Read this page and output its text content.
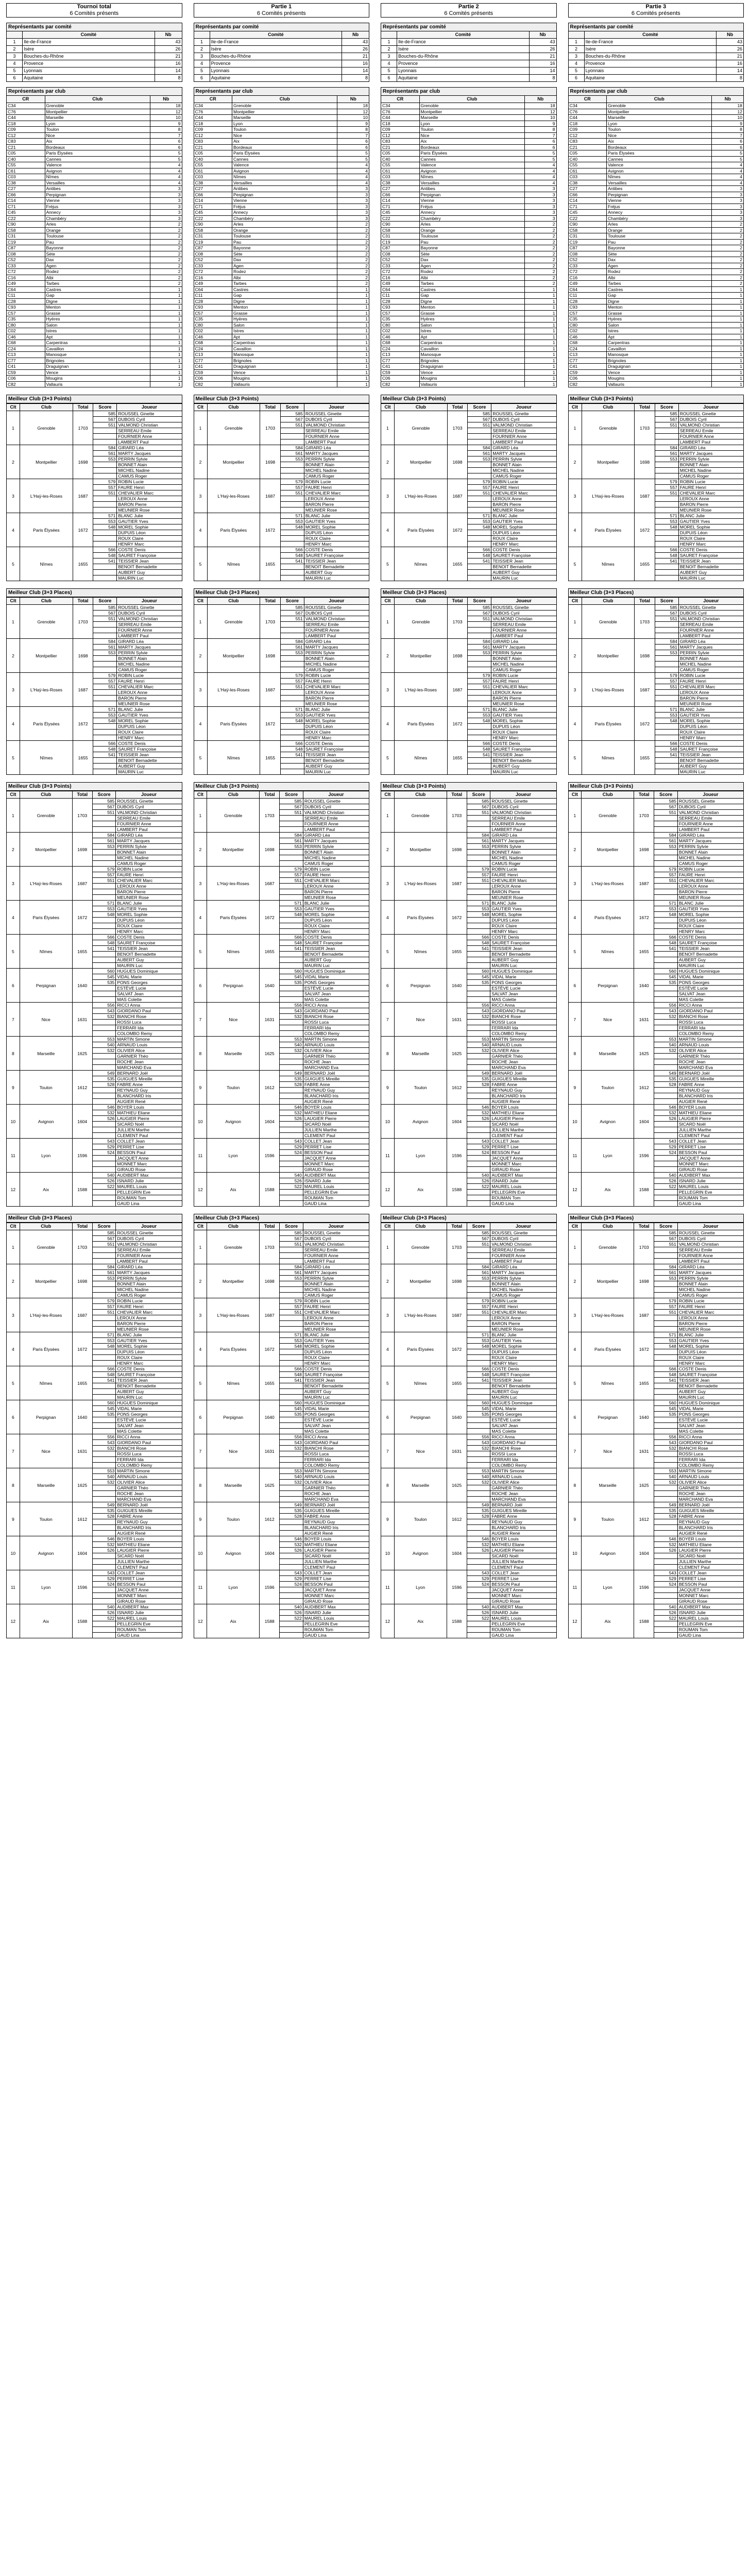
Tournoi total
6 Comités présents
Partie 1
6 Comités présents
Partie 2
6 Comités présents
Partie 3
6 Comités présents
Représentants par comité
	Comité	Nb
1	Ile-de-France	43
2	Isère	26
3	Bouches-du-Rhône	21
4	Provence	16
5	Lyonnais	14
6	Aquitaine	8
Représentants par comité
	Comité	Nb
1	Ile-de-France	43
2	Isère	26
3	Bouches-du-Rhône	21
4	Provence	16
5	Lyonnais	14
6	Aquitaine	8
Représentants par comité
	Comité	Nb
1	Ile-de-France	43
2	Isère	26
3	Bouches-du-Rhône	21
4	Provence	16
5	Lyonnais	14
6	Aquitaine	8
Représentants par comité
	Comité	Nb
1	Ile-de-France	43
2	Isère	26
3	Bouches-du-Rhône	21
4	Provence	16
5	Lyonnais	14
6	Aquitaine	8
Représentants par club
CR	Club	Nb
C34	Grenoble	18
C76	Montpellier	12
C44	Marseille	10
C18	Lyon	9
C09	Toulon	8
C12	Nice	7
C83	Aix	6
C21	Bordeaux	6
C05	Paris Élysées	5
C40	Cannes	5
C55	Valence	4
C61	Avignon	4
C03	Nîmes	4
C38	Versailles	4
C27	Antibes	3
C66	Perpignan	3
C14	Vienne	3
C71	Fréjus	3
C45	Annecy	3
C22	Chambéry	3
C90	Arles	2
C58	Orange	2
C31	Toulouse	2
C19	Pau	2
C87	Bayonne	2
C08	Sète	2
C52	Dax	2
C33	Agen	2
C72	Rodez	2
C16	Albi	2
C49	Tarbes	2
C64	Castres	1
C11	Gap	1
C28	Digne	1
C93	Menton	1
C57	Grasse	1
C35	Hyères	1
C80	Salon	1
C02	Istres	1
C46	Apt	1
C68	Carpentras	1
C24	Cavaillon	1
C13	Manosque	1
C77	Brignoles	1
C41	Draguignan	1
C59	Vence	1
C06	Mougins	1
C82	Vallauris	1
Représentants par club
CR	Club	Nb
C34	Grenoble	18
C76	Montpellier	12
C44	Marseille	10
C18	Lyon	9
C09	Toulon	8
C12	Nice	7
C83	Aix	6
C21	Bordeaux	6
C05	Paris Élysées	5
C40	Cannes	5
C55	Valence	4
C61	Avignon	4
C03	Nîmes	4
C38	Versailles	4
C27	Antibes	3
C66	Perpignan	3
C14	Vienne	3
C71	Fréjus	3
C45	Annecy	3
C22	Chambéry	3
C90	Arles	2
C58	Orange	2
C31	Toulouse	2
C19	Pau	2
C87	Bayonne	2
C08	Sète	2
C52	Dax	2
C33	Agen	2
C72	Rodez	2
C16	Albi	2
C49	Tarbes	2
C64	Castres	1
C11	Gap	1
C28	Digne	1
C93	Menton	1
C57	Grasse	1
C35	Hyères	1
C80	Salon	1
C02	Istres	1
C46	Apt	1
C68	Carpentras	1
C24	Cavaillon	1
C13	Manosque	1
C77	Brignoles	1
C41	Draguignan	1
C59	Vence	1
C06	Mougins	1
C82	Vallauris	1
Représentants par club
CR	Club	Nb
C34	Grenoble	18
C76	Montpellier	12
C44	Marseille	10
C18	Lyon	9
C09	Toulon	8
C12	Nice	7
C83	Aix	6
C21	Bordeaux	6
C05	Paris Élysées	5
C40	Cannes	5
C55	Valence	4
C61	Avignon	4
C03	Nîmes	4
C38	Versailles	4
C27	Antibes	3
C66	Perpignan	3
C14	Vienne	3
C71	Fréjus	3
C45	Annecy	3
C22	Chambéry	3
C90	Arles	2
C58	Orange	2
C31	Toulouse	2
C19	Pau	2
C87	Bayonne	2
C08	Sète	2
C52	Dax	2
C33	Agen	2
C72	Rodez	2
C16	Albi	2
C49	Tarbes	2
C64	Castres	1
C11	Gap	1
C28	Digne	1
C93	Menton	1
C57	Grasse	1
C35	Hyères	1
C80	Salon	1
C02	Istres	1
C46	Apt	1
C68	Carpentras	1
C24	Cavaillon	1
C13	Manosque	1
C77	Brignoles	1
C41	Draguignan	1
C59	Vence	1
C06	Mougins	1
C82	Vallauris	1
Représentants par club
CR	Club	Nb
C34	Grenoble	18
C76	Montpellier	12
C44	Marseille	10
C18	Lyon	9
C09	Toulon	8
C12	Nice	7
C83	Aix	6
C21	Bordeaux	6
C05	Paris Élysées	5
C40	Cannes	5
C55	Valence	4
C61	Avignon	4
C03	Nîmes	4
C38	Versailles	4
C27	Antibes	3
C66	Perpignan	3
C14	Vienne	3
C71	Fréjus	3
C45	Annecy	3
C22	Chambéry	3
C90	Arles	2
C58	Orange	2
C31	Toulouse	2
C19	Pau	2
C87	Bayonne	2
C08	Sète	2
C52	Dax	2
C33	Agen	2
C72	Rodez	2
C16	Albi	2
C49	Tarbes	2
C64	Castres	1
C11	Gap	1
C28	Digne	1
C93	Menton	1
C57	Grasse	1
C35	Hyères	1
C80	Salon	1
C02	Istres	1
C46	Apt	1
C68	Carpentras	1
C24	Cavaillon	1
C13	Manosque	1
C77	Brignoles	1
C41	Draguignan	1
C59	Vence	1
C06	Mougins	1
C82	Vallauris	1
Meilleur Club (3+3 Points)
Clt	Club	Total	Score	Joueur
1	Grenoble	1703	585	ROUSSEL Ginette
			567	DUBOIS Cyril
			551	VALMOND Christian
				SERREAU Emile
				FOURNIER Anne
				LAMBERT Paul
2	Montpellier	1698	584	GIRARD Léa
			561	MARTY Jacques
			553	PERRIN Sylvie
				BONNET Alain
				MICHEL Nadine
				CAMUS Roger
3	L'Haÿ-les-Roses	1687	579	ROBIN Lucie
			557	FAURE Henri
			551	CHEVALIER Marc
				LEROUX Anne
				BARON Pierre
				MEUNIER Rose
4	Paris Élysées	1672	571	BLANC Julie
			553	GAUTIER Yves
			548	MOREL Sophie
				DUPUIS Léon
				ROUX Claire
				HENRY Marc
5	Nîmes	1655	566	COSTE Denis
			548	SAURET Françoise
			541	TEISSIER Jean
				BENOIT Bernadette
				AUBERT Guy
				MAURIN Luc
Meilleur Club (3+3 Points)
Clt	Club	Total	Score	Joueur
1	Grenoble	1703	585	ROUSSEL Ginette
			567	DUBOIS Cyril
			551	VALMOND Christian
				SERREAU Emile
				FOURNIER Anne
				LAMBERT Paul
2	Montpellier	1698	584	GIRARD Léa
			561	MARTY Jacques
			553	PERRIN Sylvie
				BONNET Alain
				MICHEL Nadine
				CAMUS Roger
3	L'Haÿ-les-Roses	1687	579	ROBIN Lucie
			557	FAURE Henri
			551	CHEVALIER Marc
				LEROUX Anne
				BARON Pierre
				MEUNIER Rose
4	Paris Élysées	1672	571	BLANC Julie
			553	GAUTIER Yves
			548	MOREL Sophie
				DUPUIS Léon
				ROUX Claire
				HENRY Marc
5	Nîmes	1655	566	COSTE Denis
			548	SAURET Françoise
			541	TEISSIER Jean
				BENOIT Bernadette
				AUBERT Guy
				MAURIN Luc
Meilleur Club (3+3 Points)
Clt	Club	Total	Score	Joueur
1	Grenoble	1703	585	ROUSSEL Ginette
			567	DUBOIS Cyril
			551	VALMOND Christian
				SERREAU Emile
				FOURNIER Anne
				LAMBERT Paul
2	Montpellier	1698	584	GIRARD Léa
			561	MARTY Jacques
			553	PERRIN Sylvie
				BONNET Alain
				MICHEL Nadine
				CAMUS Roger
3	L'Haÿ-les-Roses	1687	579	ROBIN Lucie
			557	FAURE Henri
			551	CHEVALIER Marc
				LEROUX Anne
				BARON Pierre
				MEUNIER Rose
4	Paris Élysées	1672	571	BLANC Julie
			553	GAUTIER Yves
			548	MOREL Sophie
				DUPUIS Léon
				ROUX Claire
				HENRY Marc
5	Nîmes	1655	566	COSTE Denis
			548	SAURET Françoise
			541	TEISSIER Jean
				BENOIT Bernadette
				AUBERT Guy
				MAURIN Luc
Meilleur Club (3+3 Points)
Clt	Club	Total	Score	Joueur
1	Grenoble	1703	585	ROUSSEL Ginette
			567	DUBOIS Cyril
			551	VALMOND Christian
				SERREAU Emile
				FOURNIER Anne
				LAMBERT Paul
2	Montpellier	1698	584	GIRARD Léa
			561	MARTY Jacques
			553	PERRIN Sylvie
				BONNET Alain
				MICHEL Nadine
				CAMUS Roger
3	L'Haÿ-les-Roses	1687	579	ROBIN Lucie
			557	FAURE Henri
			551	CHEVALIER Marc
				LEROUX Anne
				BARON Pierre
				MEUNIER Rose
4	Paris Élysées	1672	571	BLANC Julie
			553	GAUTIER Yves
			548	MOREL Sophie
				DUPUIS Léon
				ROUX Claire
				HENRY Marc
5	Nîmes	1655	566	COSTE Denis
			548	SAURET Françoise
			541	TEISSIER Jean
				BENOIT Bernadette
				AUBERT Guy
				MAURIN Luc
Meilleur Club (3+3 Places)
Clt	Club	Total	Score	Joueur
1	Grenoble	1703	585	ROUSSEL Ginette
			567	DUBOIS Cyril
			551	VALMOND Christian
				SERREAU Emile
				FOURNIER Anne
				LAMBERT Paul
2	Montpellier	1698	584	GIRARD Léa
			561	MARTY Jacques
			553	PERRIN Sylvie
				BONNET Alain
				MICHEL Nadine
				CAMUS Roger
3	L'Haÿ-les-Roses	1687	579	ROBIN Lucie
			557	FAURE Henri
			551	CHEVALIER Marc
				LEROUX Anne
				BARON Pierre
				MEUNIER Rose
4	Paris Élysées	1672	571	BLANC Julie
			553	GAUTIER Yves
			548	MOREL Sophie
				DUPUIS Léon
				ROUX Claire
				HENRY Marc
5	Nîmes	1655	566	COSTE Denis
			548	SAURET Françoise
			541	TEISSIER Jean
				BENOIT Bernadette
				AUBERT Guy
				MAURIN Luc
Meilleur Club (3+3 Places)
Clt	Club	Total	Score	Joueur
1	Grenoble	1703	585	ROUSSEL Ginette
			567	DUBOIS Cyril
			551	VALMOND Christian
				SERREAU Emile
				FOURNIER Anne
				LAMBERT Paul
2	Montpellier	1698	584	GIRARD Léa
			561	MARTY Jacques
			553	PERRIN Sylvie
				BONNET Alain
				MICHEL Nadine
				CAMUS Roger
3	L'Haÿ-les-Roses	1687	579	ROBIN Lucie
			557	FAURE Henri
			551	CHEVALIER Marc
				LEROUX Anne
				BARON Pierre
				MEUNIER Rose
4	Paris Élysées	1672	571	BLANC Julie
			553	GAUTIER Yves
			548	MOREL Sophie
				DUPUIS Léon
				ROUX Claire
				HENRY Marc
5	Nîmes	1655	566	COSTE Denis
			548	SAURET Françoise
			541	TEISSIER Jean
				BENOIT Bernadette
				AUBERT Guy
				MAURIN Luc
Meilleur Club (3+3 Places)
Clt	Club	Total	Score	Joueur
1	Grenoble	1703	585	ROUSSEL Ginette
			567	DUBOIS Cyril
			551	VALMOND Christian
				SERREAU Emile
				FOURNIER Anne
				LAMBERT Paul
2	Montpellier	1698	584	GIRARD Léa
			561	MARTY Jacques
			553	PERRIN Sylvie
				BONNET Alain
				MICHEL Nadine
				CAMUS Roger
3	L'Haÿ-les-Roses	1687	579	ROBIN Lucie
			557	FAURE Henri
			551	CHEVALIER Marc
				LEROUX Anne
				BARON Pierre
				MEUNIER Rose
4	Paris Élysées	1672	571	BLANC Julie
			553	GAUTIER Yves
			548	MOREL Sophie
				DUPUIS Léon
				ROUX Claire
				HENRY Marc
5	Nîmes	1655	566	COSTE Denis
			548	SAURET Françoise
			541	TEISSIER Jean
				BENOIT Bernadette
				AUBERT Guy
				MAURIN Luc
Meilleur Club (3+3 Places)
Clt	Club	Total	Score	Joueur
1	Grenoble	1703	585	ROUSSEL Ginette
			567	DUBOIS Cyril
			551	VALMOND Christian
				SERREAU Emile
				FOURNIER Anne
				LAMBERT Paul
2	Montpellier	1698	584	GIRARD Léa
			561	MARTY Jacques
			553	PERRIN Sylvie
				BONNET Alain
				MICHEL Nadine
				CAMUS Roger
3	L'Haÿ-les-Roses	1687	579	ROBIN Lucie
			557	FAURE Henri
			551	CHEVALIER Marc
				LEROUX Anne
				BARON Pierre
				MEUNIER Rose
4	Paris Élysées	1672	571	BLANC Julie
			553	GAUTIER Yves
			548	MOREL Sophie
				DUPUIS Léon
				ROUX Claire
				HENRY Marc
5	Nîmes	1655	566	COSTE Denis
			548	SAURET Françoise
			541	TEISSIER Jean
				BENOIT Bernadette
				AUBERT Guy
				MAURIN Luc
Meilleur Club (3+3 Points)
Clt	Club	Total	Score	Joueur
1	Grenoble	1703	585	ROUSSEL Ginette
			567	DUBOIS Cyril
			551	VALMOND Christian
				SERREAU Emile
				FOURNIER Anne
				LAMBERT Paul
2	Montpellier	1698	584	GIRARD Léa
			561	MARTY Jacques
			553	PERRIN Sylvie
				BONNET Alain
				MICHEL Nadine
				CAMUS Roger
3	L'Haÿ-les-Roses	1687	579	ROBIN Lucie
			557	FAURE Henri
			551	CHEVALIER Marc
				LEROUX Anne
				BARON Pierre
				MEUNIER Rose
4	Paris Élysées	1672	571	BLANC Julie
			553	GAUTIER Yves
			548	MOREL Sophie
				DUPUIS Léon
				ROUX Claire
				HENRY Marc
5	Nîmes	1655	566	COSTE Denis
			548	SAURET Françoise
			541	TEISSIER Jean
				BENOIT Bernadette
				AUBERT Guy
				MAURIN Luc
6	Perpignan	1640	560	HUGUES Dominique
			545	VIDAL Marie
			535	PONS Georges
				ESTÈVE Lucie
				SALVAT Jean
				MAS Colette
7	Nice	1631	556	RICCI Anna
			543	GIORDANO Paul
			532	BIANCHI Rose
				ROSSI Luca
				FERRARI Ida
				COLOMBO Remy
8	Marseille	1625	553	MARTIN Simone
			540	ARNAUD Louis
			532	OLIVIER Alice
				GARNIER Théo
				ROCHE Jean
				MARCHAND Eva
9	Toulon	1612	549	BERNARD Joël
			535	GUIGUES Mireille
			528	FABRE Anne
				REYNAUD Guy
				BLANCHARD Iris
				AUGIER René
10	Avignon	1604	546	BOYER Louis
			532	MATHIEU Eliane
			526	LAUGIER Pierre
				SICARD Noël
				JULLIEN Marthe
				CLEMENT Paul
11	Lyon	1596	543	COLLET Jean
			529	PERRET Lise
			524	BESSON Paul
				JACQUET Anne
				MONNET Marc
				GIRAUD Rose
12	Aix	1588	540	AUDIBERT Max
			526	ISNARD Julie
			522	MAUREL Louis
				PELLEGRIN Eve
				ROUMAN Tom
				GAUD Lina
Meilleur Club (3+3 Points)
Clt	Club	Total	Score	Joueur
1	Grenoble	1703	585	ROUSSEL Ginette
			567	DUBOIS Cyril
			551	VALMOND Christian
				SERREAU Emile
				FOURNIER Anne
				LAMBERT Paul
2	Montpellier	1698	584	GIRARD Léa
			561	MARTY Jacques
			553	PERRIN Sylvie
				BONNET Alain
				MICHEL Nadine
				CAMUS Roger
3	L'Haÿ-les-Roses	1687	579	ROBIN Lucie
			557	FAURE Henri
			551	CHEVALIER Marc
				LEROUX Anne
				BARON Pierre
				MEUNIER Rose
4	Paris Élysées	1672	571	BLANC Julie
			553	GAUTIER Yves
			548	MOREL Sophie
				DUPUIS Léon
				ROUX Claire
				HENRY Marc
5	Nîmes	1655	566	COSTE Denis
			548	SAURET Françoise
			541	TEISSIER Jean
				BENOIT Bernadette
				AUBERT Guy
				MAURIN Luc
6	Perpignan	1640	560	HUGUES Dominique
			545	VIDAL Marie
			535	PONS Georges
				ESTÈVE Lucie
				SALVAT Jean
				MAS Colette
7	Nice	1631	556	RICCI Anna
			543	GIORDANO Paul
			532	BIANCHI Rose
				ROSSI Luca
				FERRARI Ida
				COLOMBO Remy
8	Marseille	1625	553	MARTIN Simone
			540	ARNAUD Louis
			532	OLIVIER Alice
				GARNIER Théo
				ROCHE Jean
				MARCHAND Eva
9	Toulon	1612	549	BERNARD Joël
			535	GUIGUES Mireille
			528	FABRE Anne
				REYNAUD Guy
				BLANCHARD Iris
				AUGIER René
10	Avignon	1604	546	BOYER Louis
			532	MATHIEU Eliane
			526	LAUGIER Pierre
				SICARD Noël
				JULLIEN Marthe
				CLEMENT Paul
11	Lyon	1596	543	COLLET Jean
			529	PERRET Lise
			524	BESSON Paul
				JACQUET Anne
				MONNET Marc
				GIRAUD Rose
12	Aix	1588	540	AUDIBERT Max
			526	ISNARD Julie
			522	MAUREL Louis
				PELLEGRIN Eve
				ROUMAN Tom
				GAUD Lina
Meilleur Club (3+3 Points)
Clt	Club	Total	Score	Joueur
1	Grenoble	1703	585	ROUSSEL Ginette
			567	DUBOIS Cyril
			551	VALMOND Christian
				SERREAU Emile
				FOURNIER Anne
				LAMBERT Paul
2	Montpellier	1698	584	GIRARD Léa
			561	MARTY Jacques
			553	PERRIN Sylvie
				BONNET Alain
				MICHEL Nadine
				CAMUS Roger
3	L'Haÿ-les-Roses	1687	579	ROBIN Lucie
			557	FAURE Henri
			551	CHEVALIER Marc
				LEROUX Anne
				BARON Pierre
				MEUNIER Rose
4	Paris Élysées	1672	571	BLANC Julie
			553	GAUTIER Yves
			548	MOREL Sophie
				DUPUIS Léon
				ROUX Claire
				HENRY Marc
5	Nîmes	1655	566	COSTE Denis
			548	SAURET Françoise
			541	TEISSIER Jean
				BENOIT Bernadette
				AUBERT Guy
				MAURIN Luc
6	Perpignan	1640	560	HUGUES Dominique
			545	VIDAL Marie
			535	PONS Georges
				ESTÈVE Lucie
				SALVAT Jean
				MAS Colette
7	Nice	1631	556	RICCI Anna
			543	GIORDANO Paul
			532	BIANCHI Rose
				ROSSI Luca
				FERRARI Ida
				COLOMBO Remy
8	Marseille	1625	553	MARTIN Simone
			540	ARNAUD Louis
			532	OLIVIER Alice
				GARNIER Théo
				ROCHE Jean
				MARCHAND Eva
9	Toulon	1612	549	BERNARD Joël
			535	GUIGUES Mireille
			528	FABRE Anne
				REYNAUD Guy
				BLANCHARD Iris
				AUGIER René
10	Avignon	1604	546	BOYER Louis
			532	MATHIEU Eliane
			526	LAUGIER Pierre
				SICARD Noël
				JULLIEN Marthe
				CLEMENT Paul
11	Lyon	1596	543	COLLET Jean
			529	PERRET Lise
			524	BESSON Paul
				JACQUET Anne
				MONNET Marc
				GIRAUD Rose
12	Aix	1588	540	AUDIBERT Max
			526	ISNARD Julie
			522	MAUREL Louis
				PELLEGRIN Eve
				ROUMAN Tom
				GAUD Lina
Meilleur Club (3+3 Points)
Clt	Club	Total	Score	Joueur
1	Grenoble	1703	585	ROUSSEL Ginette
			567	DUBOIS Cyril
			551	VALMOND Christian
				SERREAU Emile
				FOURNIER Anne
				LAMBERT Paul
2	Montpellier	1698	584	GIRARD Léa
			561	MARTY Jacques
			553	PERRIN Sylvie
				BONNET Alain
				MICHEL Nadine
				CAMUS Roger
3	L'Haÿ-les-Roses	1687	579	ROBIN Lucie
			557	FAURE Henri
			551	CHEVALIER Marc
				LEROUX Anne
				BARON Pierre
				MEUNIER Rose
4	Paris Élysées	1672	571	BLANC Julie
			553	GAUTIER Yves
			548	MOREL Sophie
				DUPUIS Léon
				ROUX Claire
				HENRY Marc
5	Nîmes	1655	566	COSTE Denis
			548	SAURET Françoise
			541	TEISSIER Jean
				BENOIT Bernadette
				AUBERT Guy
				MAURIN Luc
6	Perpignan	1640	560	HUGUES Dominique
			545	VIDAL Marie
			535	PONS Georges
				ESTÈVE Lucie
				SALVAT Jean
				MAS Colette
7	Nice	1631	556	RICCI Anna
			543	GIORDANO Paul
			532	BIANCHI Rose
				ROSSI Luca
				FERRARI Ida
				COLOMBO Remy
8	Marseille	1625	553	MARTIN Simone
			540	ARNAUD Louis
			532	OLIVIER Alice
				GARNIER Théo
				ROCHE Jean
				MARCHAND Eva
9	Toulon	1612	549	BERNARD Joël
			535	GUIGUES Mireille
			528	FABRE Anne
				REYNAUD Guy
				BLANCHARD Iris
				AUGIER René
10	Avignon	1604	546	BOYER Louis
			532	MATHIEU Eliane
			526	LAUGIER Pierre
				SICARD Noël
				JULLIEN Marthe
				CLEMENT Paul
11	Lyon	1596	543	COLLET Jean
			529	PERRET Lise
			524	BESSON Paul
				JACQUET Anne
				MONNET Marc
				GIRAUD Rose
12	Aix	1588	540	AUDIBERT Max
			526	ISNARD Julie
			522	MAUREL Louis
				PELLEGRIN Eve
				ROUMAN Tom
				GAUD Lina
Meilleur Club (3+3 Places)
Clt	Club	Total	Score	Joueur
1	Grenoble	1703	585	ROUSSEL Ginette
			567	DUBOIS Cyril
			551	VALMOND Christian
				SERREAU Emile
				FOURNIER Anne
				LAMBERT Paul
2	Montpellier	1698	584	GIRARD Léa
			561	MARTY Jacques
			553	PERRIN Sylvie
				BONNET Alain
				MICHEL Nadine
				CAMUS Roger
3	L'Haÿ-les-Roses	1687	579	ROBIN Lucie
			557	FAURE Henri
			551	CHEVALIER Marc
				LEROUX Anne
				BARON Pierre
				MEUNIER Rose
4	Paris Élysées	1672	571	BLANC Julie
			553	GAUTIER Yves
			548	MOREL Sophie
				DUPUIS Léon
				ROUX Claire
				HENRY Marc
5	Nîmes	1655	566	COSTE Denis
			548	SAURET Françoise
			541	TEISSIER Jean
				BENOIT Bernadette
				AUBERT Guy
				MAURIN Luc
6	Perpignan	1640	560	HUGUES Dominique
			545	VIDAL Marie
			535	PONS Georges
				ESTÈVE Lucie
				SALVAT Jean
				MAS Colette
7	Nice	1631	556	RICCI Anna
			543	GIORDANO Paul
			532	BIANCHI Rose
				ROSSI Luca
				FERRARI Ida
				COLOMBO Remy
8	Marseille	1625	553	MARTIN Simone
			540	ARNAUD Louis
			532	OLIVIER Alice
				GARNIER Théo
				ROCHE Jean
				MARCHAND Eva
9	Toulon	1612	549	BERNARD Joël
			535	GUIGUES Mireille
			528	FABRE Anne
				REYNAUD Guy
				BLANCHARD Iris
				AUGIER René
10	Avignon	1604	546	BOYER Louis
			532	MATHIEU Eliane
			526	LAUGIER Pierre
				SICARD Noël
				JULLIEN Marthe
				CLEMENT Paul
11	Lyon	1596	543	COLLET Jean
			529	PERRET Lise
			524	BESSON Paul
				JACQUET Anne
				MONNET Marc
				GIRAUD Rose
12	Aix	1588	540	AUDIBERT Max
			526	ISNARD Julie
			522	MAUREL Louis
				PELLEGRIN Eve
				ROUMAN Tom
				GAUD Lina
Meilleur Club (3+3 Places)
Clt	Club	Total	Score	Joueur
1	Grenoble	1703	585	ROUSSEL Ginette
			567	DUBOIS Cyril
			551	VALMOND Christian
				SERREAU Emile
				FOURNIER Anne
				LAMBERT Paul
2	Montpellier	1698	584	GIRARD Léa
			561	MARTY Jacques
			553	PERRIN Sylvie
				BONNET Alain
				MICHEL Nadine
				CAMUS Roger
3	L'Haÿ-les-Roses	1687	579	ROBIN Lucie
			557	FAURE Henri
			551	CHEVALIER Marc
				LEROUX Anne
				BARON Pierre
				MEUNIER Rose
4	Paris Élysées	1672	571	BLANC Julie
			553	GAUTIER Yves
			548	MOREL Sophie
				DUPUIS Léon
				ROUX Claire
				HENRY Marc
5	Nîmes	1655	566	COSTE Denis
			548	SAURET Françoise
			541	TEISSIER Jean
				BENOIT Bernadette
				AUBERT Guy
				MAURIN Luc
6	Perpignan	1640	560	HUGUES Dominique
			545	VIDAL Marie
			535	PONS Georges
				ESTÈVE Lucie
				SALVAT Jean
				MAS Colette
7	Nice	1631	556	RICCI Anna
			543	GIORDANO Paul
			532	BIANCHI Rose
				ROSSI Luca
				FERRARI Ida
				COLOMBO Remy
8	Marseille	1625	553	MARTIN Simone
			540	ARNAUD Louis
			532	OLIVIER Alice
				GARNIER Théo
				ROCHE Jean
				MARCHAND Eva
9	Toulon	1612	549	BERNARD Joël
			535	GUIGUES Mireille
			528	FABRE Anne
				REYNAUD Guy
				BLANCHARD Iris
				AUGIER René
10	Avignon	1604	546	BOYER Louis
			532	MATHIEU Eliane
			526	LAUGIER Pierre
				SICARD Noël
				JULLIEN Marthe
				CLEMENT Paul
11	Lyon	1596	543	COLLET Jean
			529	PERRET Lise
			524	BESSON Paul
				JACQUET Anne
				MONNET Marc
				GIRAUD Rose
12	Aix	1588	540	AUDIBERT Max
			526	ISNARD Julie
			522	MAUREL Louis
				PELLEGRIN Eve
				ROUMAN Tom
				GAUD Lina
Meilleur Club (3+3 Places)
Clt	Club	Total	Score	Joueur
1	Grenoble	1703	585	ROUSSEL Ginette
			567	DUBOIS Cyril
			551	VALMOND Christian
				SERREAU Emile
				FOURNIER Anne
				LAMBERT Paul
2	Montpellier	1698	584	GIRARD Léa
			561	MARTY Jacques
			553	PERRIN Sylvie
				BONNET Alain
				MICHEL Nadine
				CAMUS Roger
3	L'Haÿ-les-Roses	1687	579	ROBIN Lucie
			557	FAURE Henri
			551	CHEVALIER Marc
				LEROUX Anne
				BARON Pierre
				MEUNIER Rose
4	Paris Élysées	1672	571	BLANC Julie
			553	GAUTIER Yves
			548	MOREL Sophie
				DUPUIS Léon
				ROUX Claire
				HENRY Marc
5	Nîmes	1655	566	COSTE Denis
			548	SAURET Françoise
			541	TEISSIER Jean
				BENOIT Bernadette
				AUBERT Guy
				MAURIN Luc
6	Perpignan	1640	560	HUGUES Dominique
			545	VIDAL Marie
			535	PONS Georges
				ESTÈVE Lucie
				SALVAT Jean
				MAS Colette
7	Nice	1631	556	RICCI Anna
			543	GIORDANO Paul
			532	BIANCHI Rose
				ROSSI Luca
				FERRARI Ida
				COLOMBO Remy
8	Marseille	1625	553	MARTIN Simone
			540	ARNAUD Louis
			532	OLIVIER Alice
				GARNIER Théo
				ROCHE Jean
				MARCHAND Eva
9	Toulon	1612	549	BERNARD Joël
			535	GUIGUES Mireille
			528	FABRE Anne
				REYNAUD Guy
				BLANCHARD Iris
				AUGIER René
10	Avignon	1604	546	BOYER Louis
			532	MATHIEU Eliane
			526	LAUGIER Pierre
				SICARD Noël
				JULLIEN Marthe
				CLEMENT Paul
11	Lyon	1596	543	COLLET Jean
			529	PERRET Lise
			524	BESSON Paul
				JACQUET Anne
				MONNET Marc
				GIRAUD Rose
12	Aix	1588	540	AUDIBERT Max
			526	ISNARD Julie
			522	MAUREL Louis
				PELLEGRIN Eve
				ROUMAN Tom
				GAUD Lina
Meilleur Club (3+3 Places)
Clt	Club	Total	Score	Joueur
1	Grenoble	1703	585	ROUSSEL Ginette
			567	DUBOIS Cyril
			551	VALMOND Christian
				SERREAU Emile
				FOURNIER Anne
				LAMBERT Paul
2	Montpellier	1698	584	GIRARD Léa
			561	MARTY Jacques
			553	PERRIN Sylvie
				BONNET Alain
				MICHEL Nadine
				CAMUS Roger
3	L'Haÿ-les-Roses	1687	579	ROBIN Lucie
			557	FAURE Henri
			551	CHEVALIER Marc
				LEROUX Anne
				BARON Pierre
				MEUNIER Rose
4	Paris Élysées	1672	571	BLANC Julie
			553	GAUTIER Yves
			548	MOREL Sophie
				DUPUIS Léon
				ROUX Claire
				HENRY Marc
5	Nîmes	1655	566	COSTE Denis
			548	SAURET Françoise
			541	TEISSIER Jean
				BENOIT Bernadette
				AUBERT Guy
				MAURIN Luc
6	Perpignan	1640	560	HUGUES Dominique
			545	VIDAL Marie
			535	PONS Georges
				ESTÈVE Lucie
				SALVAT Jean
				MAS Colette
7	Nice	1631	556	RICCI Anna
			543	GIORDANO Paul
			532	BIANCHI Rose
				ROSSI Luca
				FERRARI Ida
				COLOMBO Remy
8	Marseille	1625	553	MARTIN Simone
			540	ARNAUD Louis
			532	OLIVIER Alice
				GARNIER Théo
				ROCHE Jean
				MARCHAND Eva
9	Toulon	1612	549	BERNARD Joël
			535	GUIGUES Mireille
			528	FABRE Anne
				REYNAUD Guy
				BLANCHARD Iris
				AUGIER René
10	Avignon	1604	546	BOYER Louis
			532	MATHIEU Eliane
			526	LAUGIER Pierre
				SICARD Noël
				JULLIEN Marthe
				CLEMENT Paul
11	Lyon	1596	543	COLLET Jean
			529	PERRET Lise
			524	BESSON Paul
				JACQUET Anne
				MONNET Marc
				GIRAUD Rose
12	Aix	1588	540	AUDIBERT Max
			526	ISNARD Julie
			522	MAUREL Louis
				PELLEGRIN Eve
				ROUMAN Tom
				GAUD Lina
